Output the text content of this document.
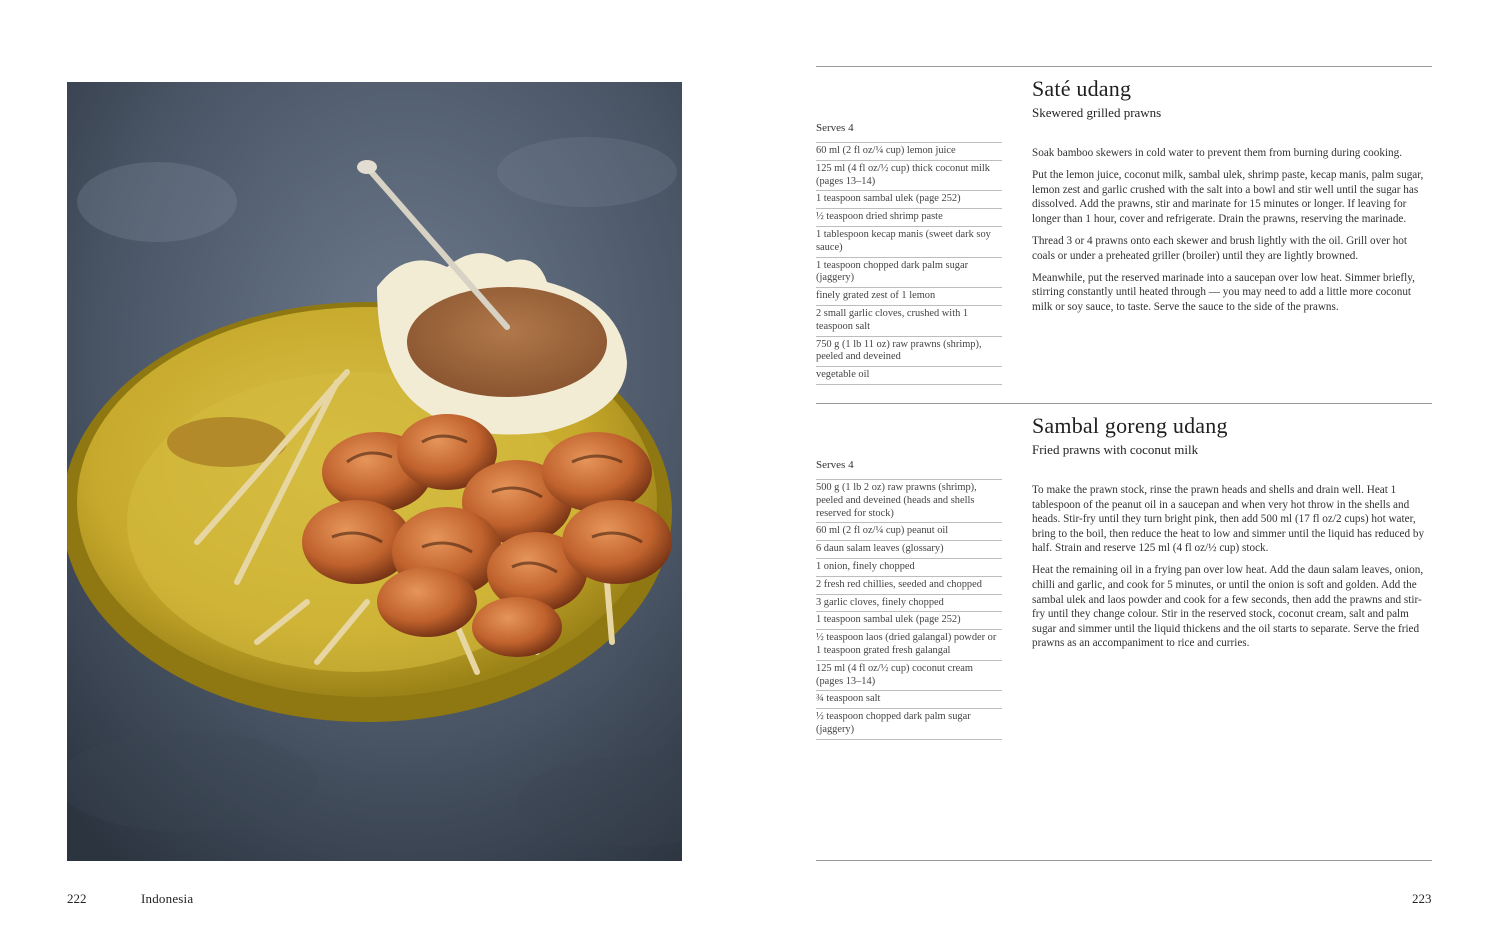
222	Indonesia	223
Saté udang
Skewered grilled prawns
Serves 4
60 ml (2 fl oz/¼ cup) lemon juice
125 ml (4 fl oz/½ cup) thick coconut milk (pages 13–14)
1 teaspoon sambal ulek (page 252)
½ teaspoon dried shrimp paste
1 tablespoon kecap manis (sweet dark soy sauce)
1 teaspoon chopped dark palm sugar (jaggery)
finely grated zest of 1 lemon
2 small garlic cloves, crushed with 1 teaspoon salt
750 g (1 lb 11 oz) raw prawns (shrimp), peeled and deveined
vegetable oil

Soak bamboo skewers in cold water to prevent them from burning during cooking.

Put the lemon juice, coconut milk, sambal ulek, shrimp paste, kecap manis, palm sugar, lemon zest and garlic crushed with the salt into a bowl and stir well until the sugar has dissolved. Add the prawns, stir and marinate for 15 minutes or longer. If leaving for longer than 1 hour, cover and refrigerate. Drain the prawns, reserving the marinade.

Thread 3 or 4 prawns onto each skewer and brush lightly with the oil. Grill over hot coals or under a preheated griller (broiler) until they are lightly browned.

Meanwhile, put the reserved marinade into a saucepan over low heat. Simmer briefly, stirring constantly until heated through — you may need to add a little more coconut milk or soy sauce, to taste. Serve the sauce to the side of the prawns.

Sambal goreng udang
Fried prawns with coconut milk
Serves 4
500 g (1 lb 2 oz) raw prawns (shrimp), peeled and deveined (heads and shells reserved for stock)
60 ml (2 fl oz/¼ cup) peanut oil
6 daun salam leaves (glossary)
1 onion, finely chopped
2 fresh red chillies, seeded and chopped
3 garlic cloves, finely chopped
1 teaspoon sambal ulek (page 252)
½ teaspoon laos (dried galangal) powder or 1 teaspoon grated fresh galangal
125 ml (4 fl oz/½ cup) coconut cream (pages 13–14)
¾ teaspoon salt
½ teaspoon chopped dark palm sugar (jaggery)

To make the prawn stock, rinse the prawn heads and shells and drain well. Heat 1 tablespoon of the peanut oil in a saucepan and when very hot throw in the shells and heads. Stir-fry until they turn bright pink, then add 500 ml (17 fl oz/2 cups) hot water, bring to the boil, then reduce the heat to low and simmer until the liquid has reduced by half. Strain and reserve 125 ml (4 fl oz/½ cup) stock.

Heat the remaining oil in a frying pan over low heat. Add the daun salam leaves, onion, chilli and garlic, and cook for 5 minutes, or until the onion is soft and golden. Add the sambal ulek and laos powder and cook for a few seconds, then add the prawns and stir-fry until they change colour. Stir in the reserved stock, coconut cream, salt and palm sugar and simmer until the liquid thickens and the oil starts to separate. Serve the fried prawns as an accompaniment to rice and curries.
